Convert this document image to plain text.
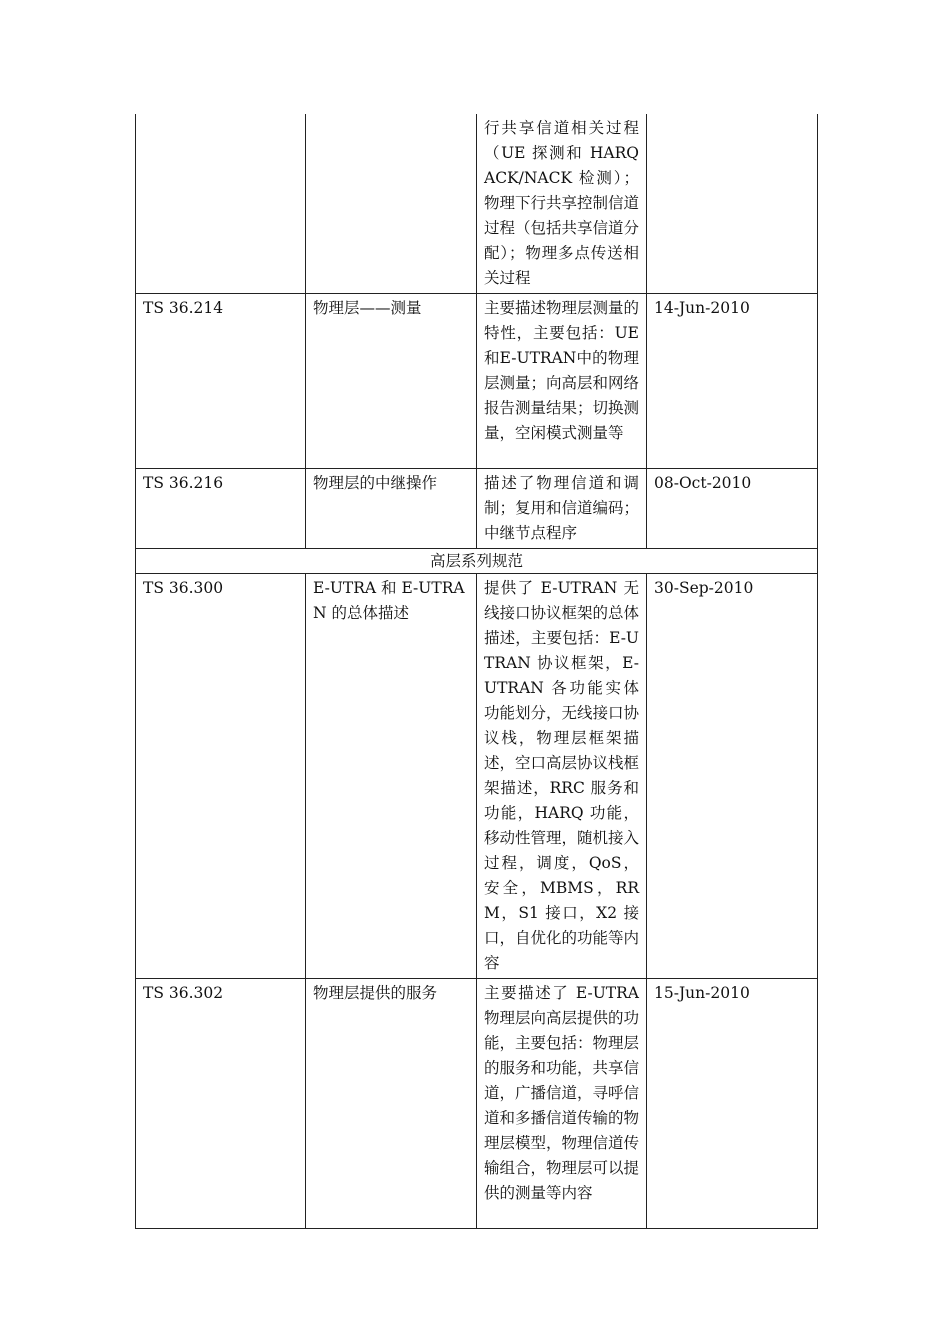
		行共享信道相关过程（UE 探测和 HARQ ACK/NACK 检测）；物理下行共享控制信道过程（包括共享信道分配）；物理多点传送相关过程	
TS 36.214	物理层——测量	主要描述物理层测量的特性，主要包括：UE和E-UTRAN中的物理层测量；向高层和网络报告测量结果；切换测量，空闲模式测量等	14-Jun-2010
TS 36.216	物理层的中继操作	描述了物理信道和调制；复用和信道编码；中继节点程序	08-Oct-2010
高层系列规范			
TS 36.300	E-UTRA 和 E-UTRAN 的总体描述	提供了 E-UTRAN 无线接口协议框架的总体描述，主要包括：E-UTRAN 协议框架，E-UTRAN 各功能实体功能划分，无线接口协议栈，物理层框架描述，空口高层协议栈框架描述，RRC 服务和功能，HARQ 功能，移动性管理，随机接入过程，调度，QoS，安全，MBMS，RRM，S1 接口，X2 接口，自优化的功能等内容	30-Sep-2010
TS 36.302	物理层提供的服务	主要描述了 E-UTRA 物理层向高层提供的功能，主要包括：物理层的服务和功能，共享信道，广播信道，寻呼信道和多播信道传输的物理层模型，物理信道传输组合，物理层可以提供的测量等内容	15-Jun-2010
